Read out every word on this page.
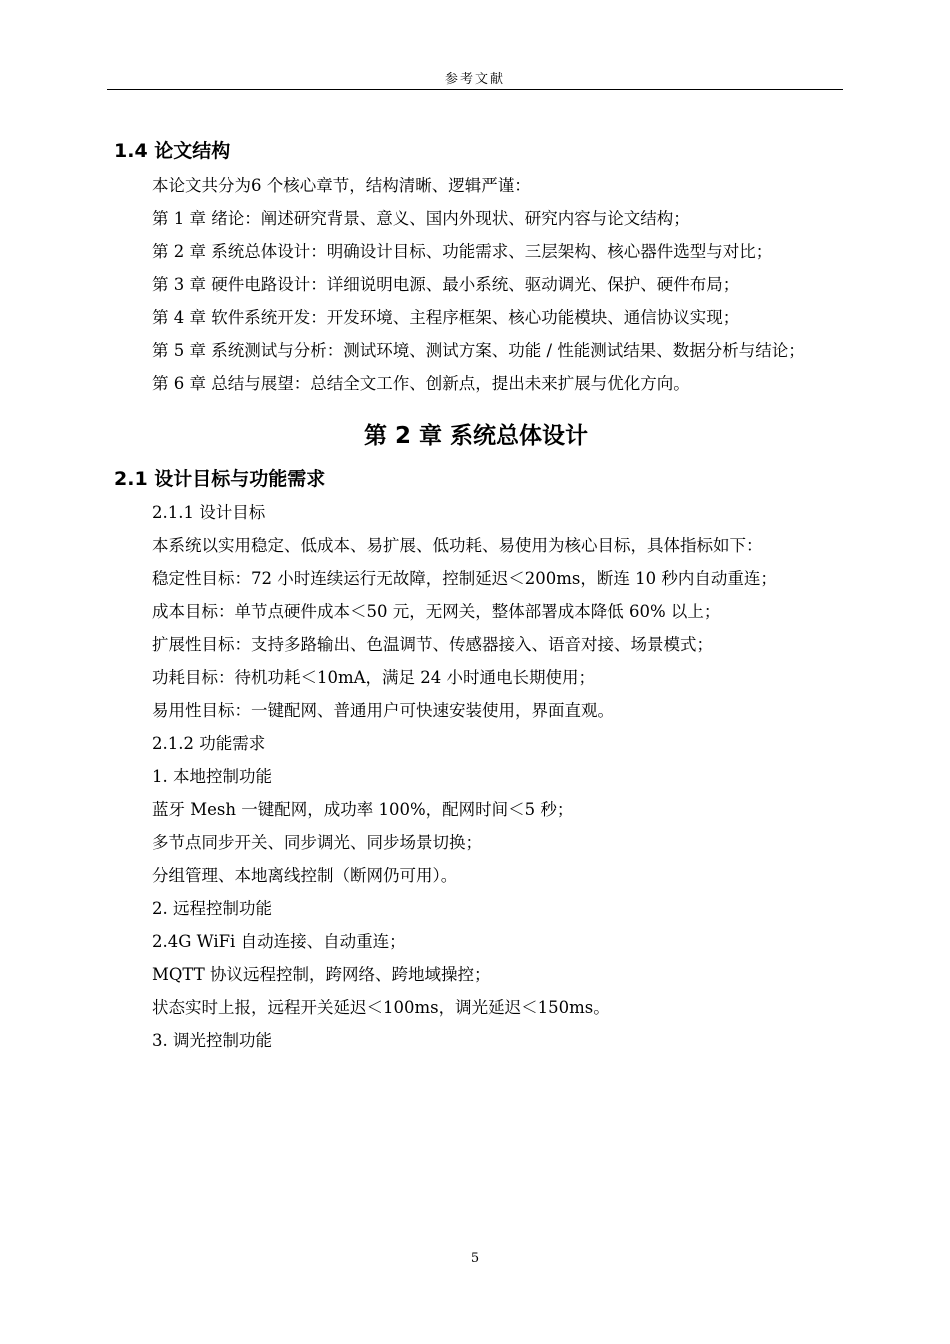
参考文献
1.4 论文结构

本论文共分为6 个核心章节，结构清晰、逻辑严谨：

第 1 章 绪论：阐述研究背景、意义、国内外现状、研究内容与论文结构；

第 2 章 系统总体设计：明确设计目标、功能需求、三层架构、核心器件选型与对比；

第 3 章 硬件电路设计：详细说明电源、最小系统、驱动调光、保护、硬件布局；

第 4 章 软件系统开发：开发环境、主程序框架、核心功能模块、通信协议实现；

第 5 章 系统测试与分析：测试环境、测试方案、功能 / 性能测试结果、数据分析与结论；

第 6 章 总结与展望：总结全文工作、创新点，提出未来扩展与优化方向。

第 2 章 系统总体设计
2.1 设计目标与功能需求

2.1.1 设计目标

本系统以实用稳定、低成本、易扩展、低功耗、易使用为核心目标，具体指标如下：

稳定性目标：72 小时连续运行无故障，控制延迟＜200ms，断连 10 秒内自动重连；

成本目标：单节点硬件成本＜50 元，无网关，整体部署成本降低 60% 以上；

扩展性目标：支持多路输出、色温调节、传感器接入、语音对接、场景模式；

功耗目标：待机功耗＜10mA，满足 24 小时通电长期使用；

易用性目标：一键配网、普通用户可快速安装使用，界面直观。

2.1.2 功能需求

1. 本地控制功能

蓝牙 Mesh 一键配网，成功率 100%，配网时间＜5 秒；

多节点同步开关、同步调光、同步场景切换；

分组管理、本地离线控制（断网仍可用）。

2. 远程控制功能

2.4G WiFi 自动连接、自动重连；

MQTT 协议远程控制，跨网络、跨地域操控；

状态实时上报，远程开关延迟＜100ms，调光延迟＜150ms。

3. 调光控制功能

5
